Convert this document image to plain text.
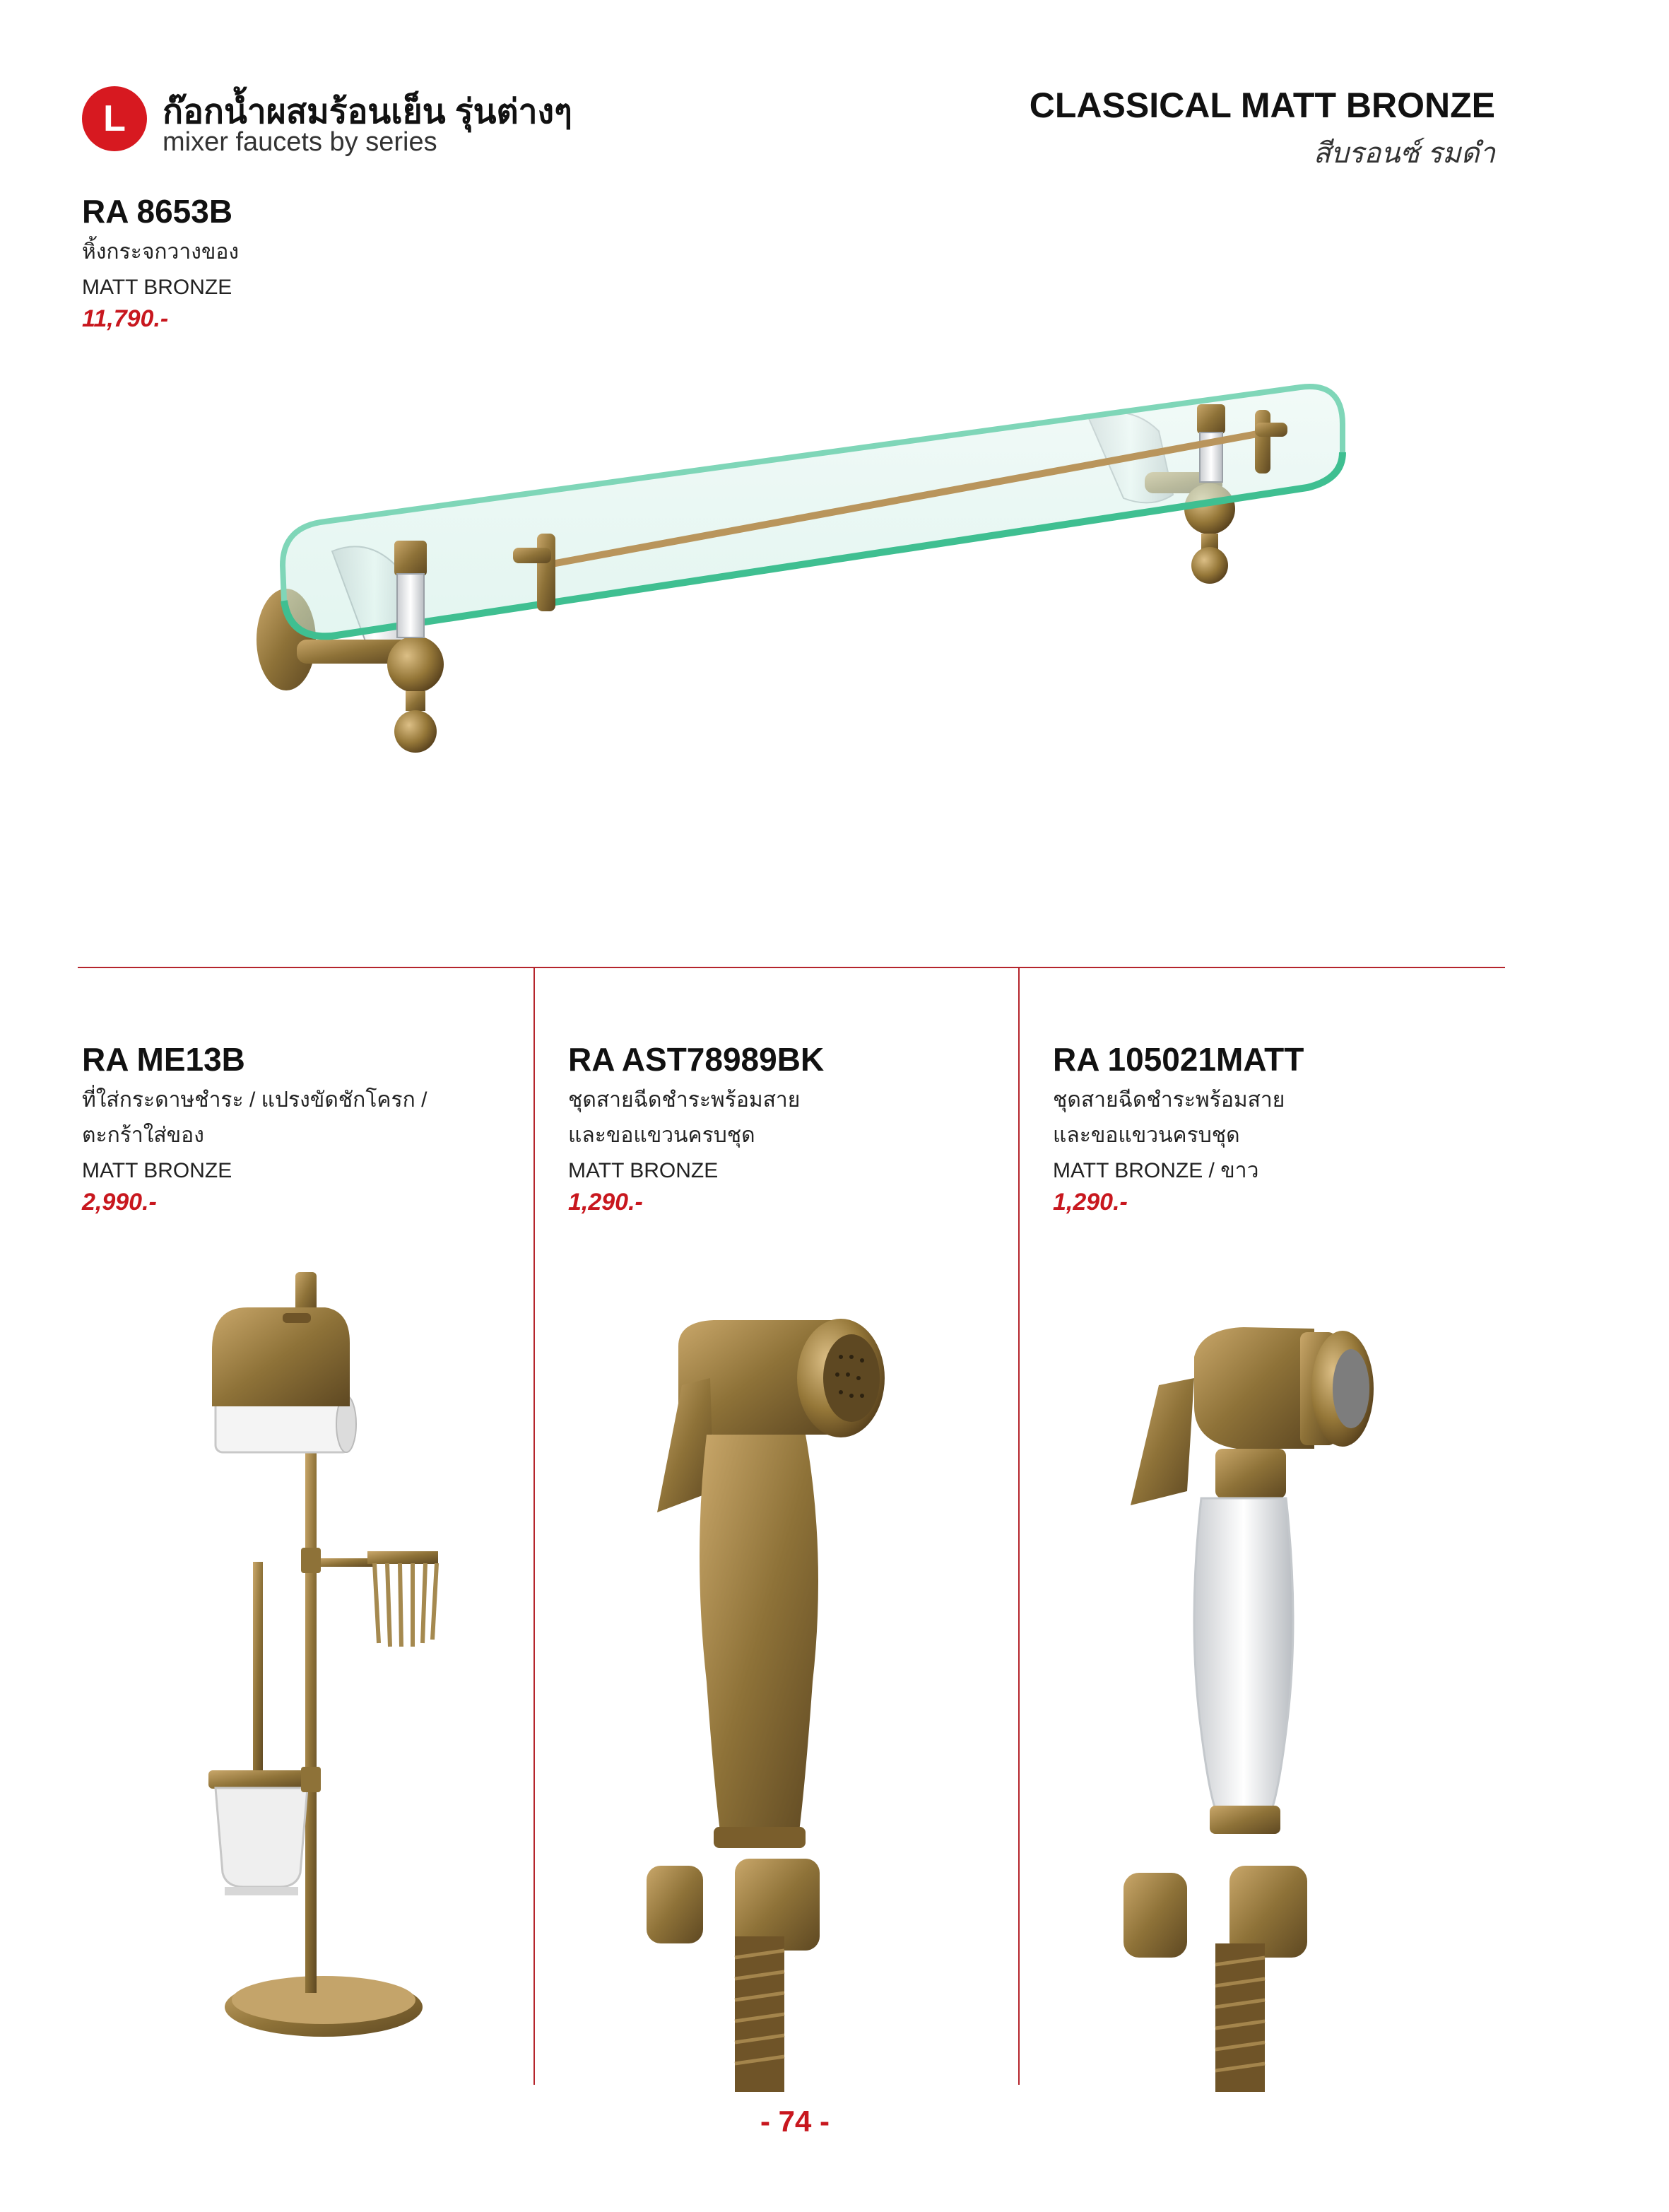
L	ก๊อกน้ำผสมร้อนเย็น รุ่นต่างๆ
mixer faucets by series
CLASSICAL MATT BRONZE
สีบรอนซ์ รมดำ
RA 8653B
หิ้งกระจกวางของ
MATT BRONZE
11,790.-
RA ME13B
ที่ใส่กระดาษชำระ / แปรงขัดชักโครก /
ตะกร้าใส่ของ
MATT BRONZE
2,990.-
RA AST78989BK
ชุดสายฉีดชำระพร้อมสาย
และขอแขวนครบชุด
MATT BRONZE
1,290.-
RA 105021MATT
ชุดสายฉีดชำระพร้อมสาย
และขอแขวนครบชุด
MATT BRONZE / ขาว
1,290.-
- 74 -
